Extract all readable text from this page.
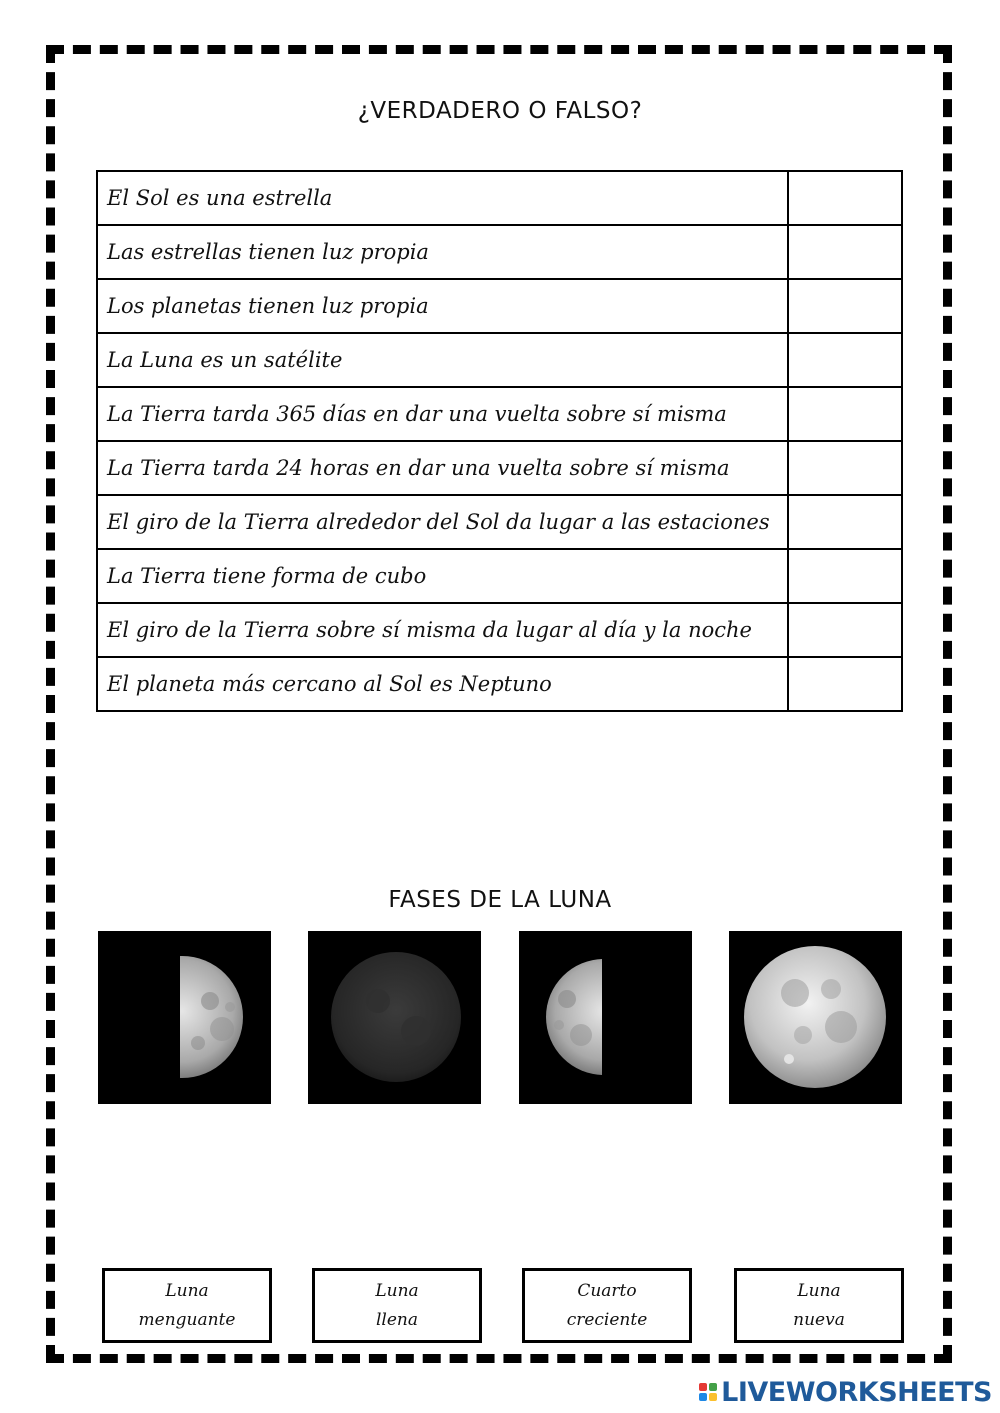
¿VERDADERO O FALSO?
El Sol es una estrella	
Las estrellas tienen luz propia	
Los planetas tienen luz propia	
La Luna es un satélite	
La Tierra tarda 365 días en dar una vuelta sobre sí misma	
La Tierra tarda 24 horas en dar una vuelta sobre sí misma	
El giro de la Tierra alrededor del Sol da lugar a las estaciones	
La Tierra tiene forma de cubo	
El giro de la Tierra sobre sí misma da lugar al día y la noche	
El planeta más cercano al Sol es Neptuno	
FASES DE LA LUNA
Luna
menguante
Luna
llena
Cuarto
creciente
Luna
nueva
LIVEWORKSHEETS
